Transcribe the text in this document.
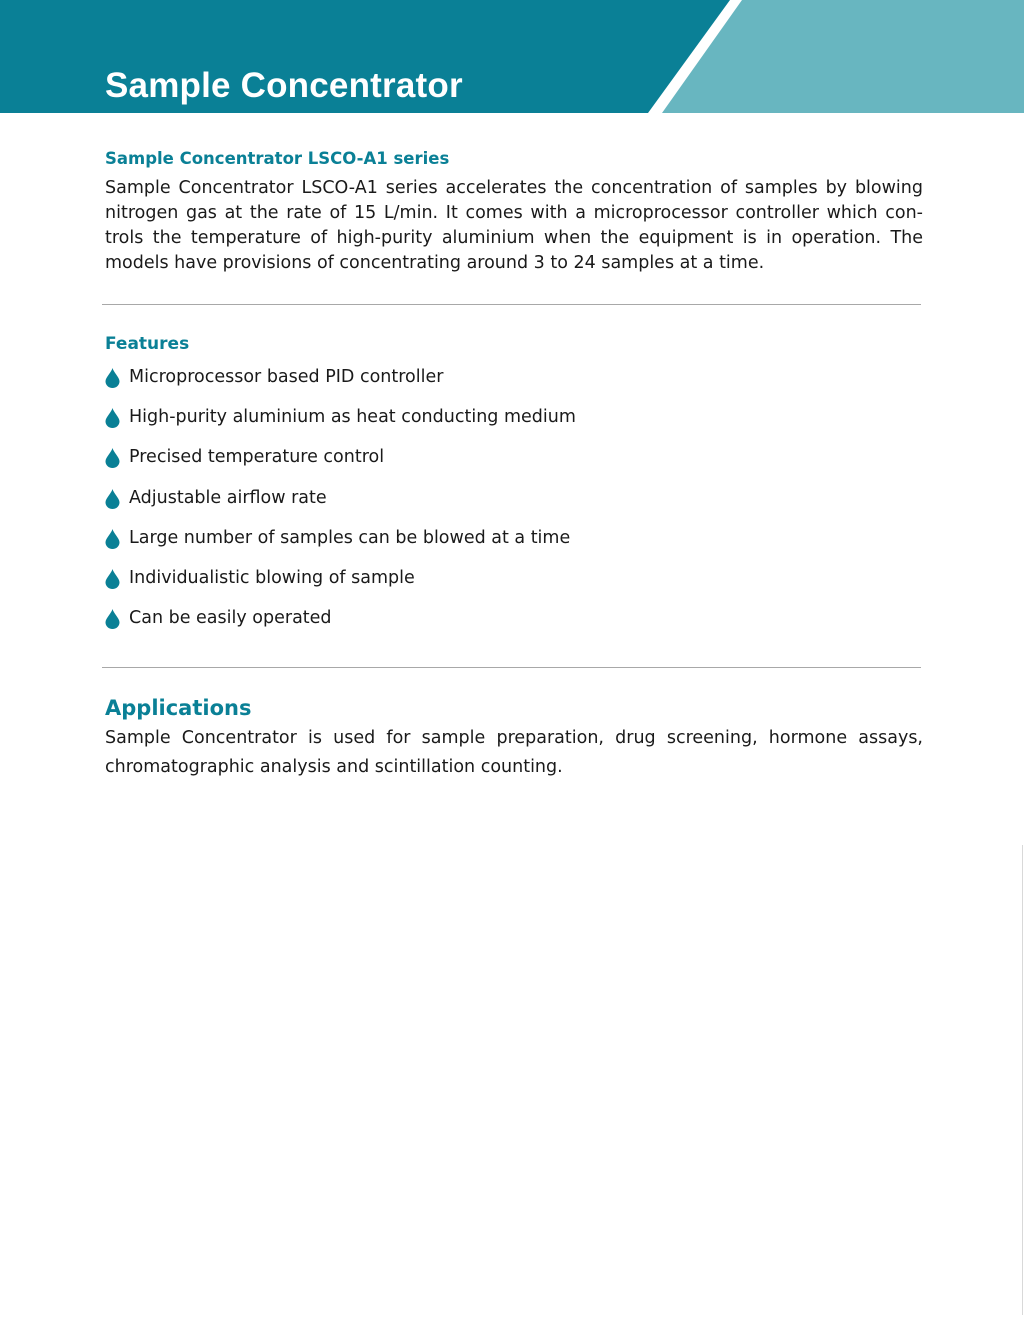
Sample Concentrator
Sample Concentrator LSCO-A1 series

Sample Concentrator LSCO-A1 series accelerates the concentration of samples by blowing nitrogen gas at the rate of 15 L/min. It comes with a microprocessor controller which con- trols the temperature of high-purity aluminium when the equipment is in operation. The models have provisions of concentrating around 3 to 24 samples at a time.

Features
Microprocessor based PID controller
High-purity aluminium as heat conducting medium
Precised temperature control
Adjustable airflow rate
Large number of samples can be blowed at a time
Individualistic blowing of sample
Can be easily operated
Applications

Sample Concentrator is used for sample preparation, drug screening, hormone assays, chromatographic analysis and scintillation counting.
